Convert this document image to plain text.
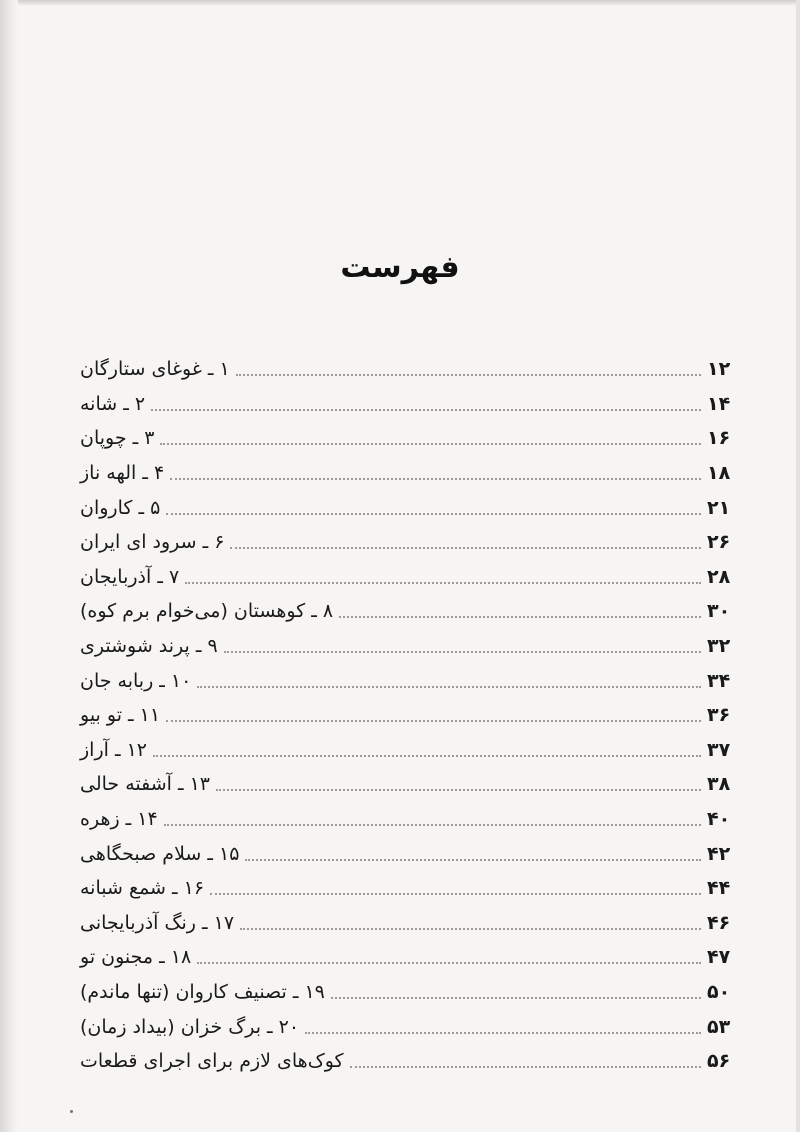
فهرست
۱ ـ غوغای ستارگان	۱۲
۲ ـ شانه	۱۴
۳ ـ چوپان	۱۶
۴ ـ الهه ناز	۱۸
۵ ـ کاروان	۲۱
۶ ـ سرود ای ایران	۲۶
۷ ـ آذربایجان	۲۸
۸ ـ کوهستان (می‌خوام برم کوه)	۳۰
۹ ـ پرند شوشتری	۳۲
۱۰ ـ ربابه جان	۳۴
۱۱ ـ تو بیو	۳۶
۱۲ ـ آراز	۳۷
۱۳ ـ آشفته حالی	۳۸
۱۴ ـ زهره	۴۰
۱۵ ـ سلام صبحگاهی	۴۲
۱۶ ـ شمع شبانه	۴۴
۱۷ ـ رنگ آذربایجانی	۴۶
۱۸ ـ مجنون تو	۴۷
۱۹ ـ تصنیف کاروان (تنها ماندم)	۵۰
۲۰ ـ برگ خزان (بیداد زمان)	۵۳
کوک‌های لازم برای اجرای قطعات	۵۶
